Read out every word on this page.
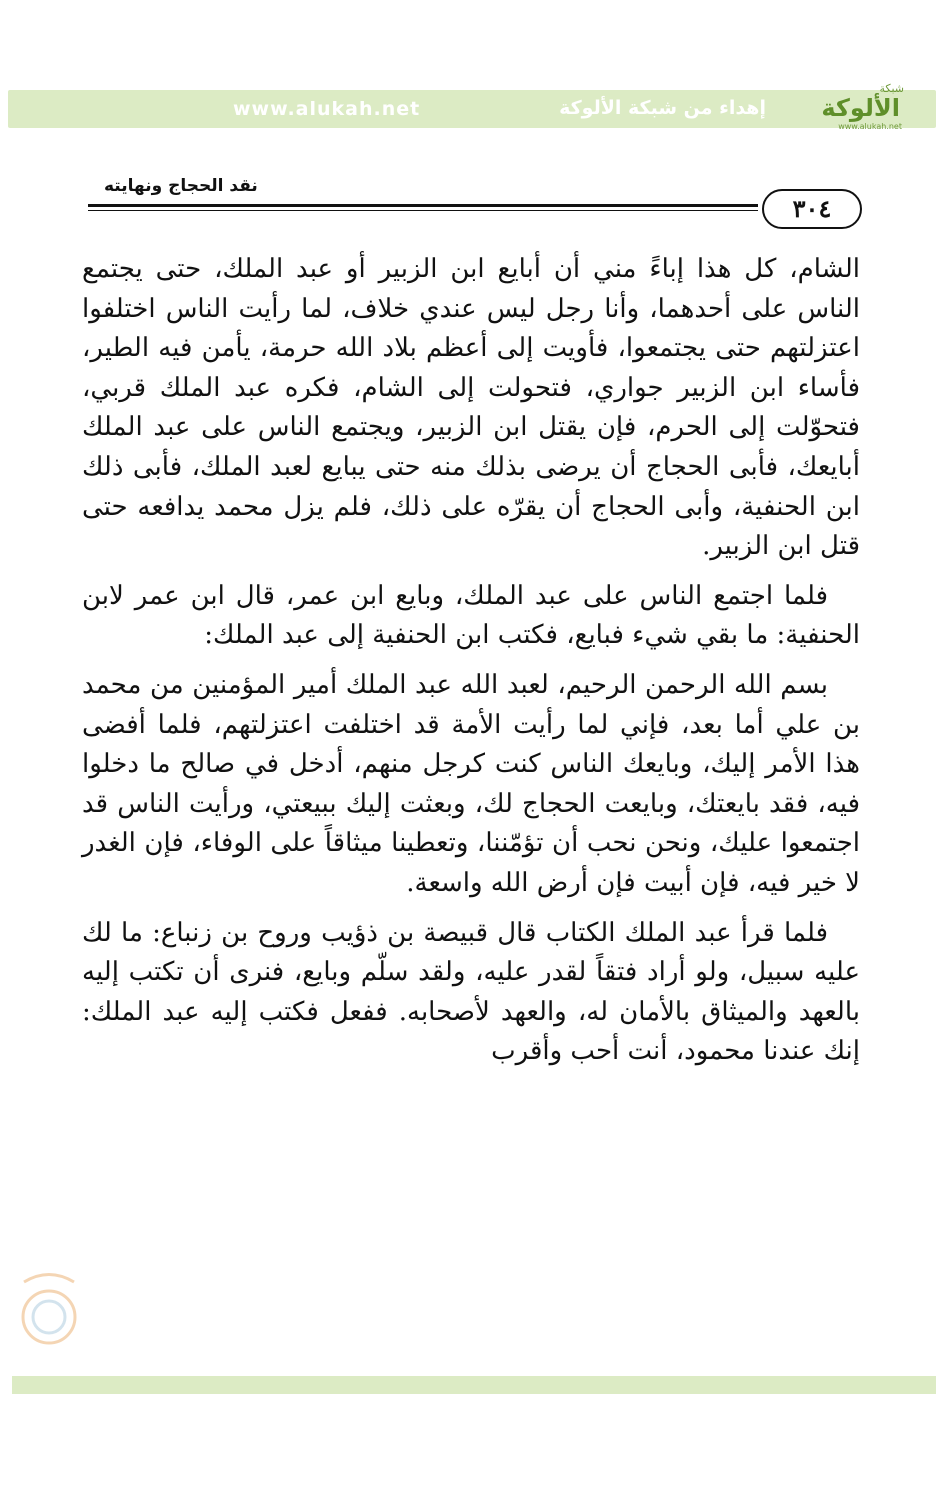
www.alukah.net	إهداء من شبكة الألوكة
شبكة
الألوكة
www.alukah.net
نقد الحجاج ونهايته
٣٠٤

الشام، كل هذا إباءً مني أن أبايع ابن الزبير أو عبد الملك، حتى يجتمع الناس على أحدهما، وأنا رجل ليس عندي خلاف، لما رأيت الناس اختلفوا اعتزلتهم حتى يجتمعوا، فأويت إلى أعظم بلاد الله حرمة، يأمن فيه الطير، فأساء ابن الزبير جواري، فتحولت إلى الشام، فكره عبد الملك قربي، فتحوّلت إلى الحرم، فإن يقتل ابن الزبير، ويجتمع الناس على عبد الملك أبايعك، فأبى الحجاج أن يرضى بذلك منه حتى يبايع لعبد الملك، فأبى ذلك ابن الحنفية، وأبى الحجاج أن يقرّه على ذلك، فلم يزل محمد يدافعه حتى قتل ابن الزبير.

فلما اجتمع الناس على عبد الملك، وبايع ابن عمر، قال ابن عمر لابن الحنفية: ما بقي شيء فبايع، فكتب ابن الحنفية إلى عبد الملك:

بسم الله الرحمن الرحيم، لعبد الله عبد الملك أمير المؤمنين من محمد بن علي أما بعد، فإني لما رأيت الأمة قد اختلفت اعتزلتهم، فلما أفضى هذا الأمر إليك، وبايعك الناس كنت كرجل منهم، أدخل في صالح ما دخلوا فيه، فقد بايعتك، وبايعت الحجاج لك، وبعثت إليك ببيعتي، ورأيت الناس قد اجتمعوا عليك، ونحن نحب أن تؤمّننا، وتعطينا ميثاقاً على الوفاء، فإن الغدر لا خير فيه، فإن أبيت فإن أرض الله واسعة.

فلما قرأ عبد الملك الكتاب قال قبيصة بن ذؤيب وروح بن زنباع: ما لك عليه سبيل، ولو أراد فتقاً لقدر عليه، ولقد سلّم وبايع، فنرى أن تكتب إليه بالعهد والميثاق بالأمان له، والعهد لأصحابه. ففعل فكتب إليه عبد الملك: إنك عندنا محمود، أنت أحب وأقرب
